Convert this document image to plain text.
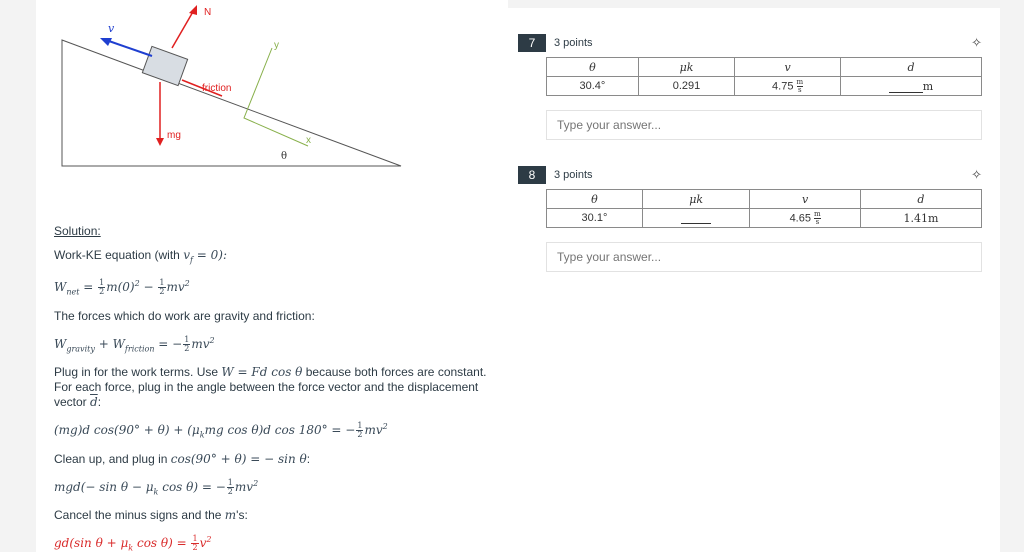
v
N
friction
mg
y
x
θ

Solution:

Work-KE equation (with $v_f = 0$):

$W_{net} = \frac{1}{2} m(0)^2 - \frac{1}{2} mv^2$

The forces which do work are gravity and friction:

$W_{gravity} + W_{friction}$ = − $\frac{1}{2} mv^2$

Plug in for the work terms. Use W = Fd cos θ because both forces are constant. For each force, plug in the angle between the force vector and the displacement vector $\overline{d}$:

(mg)d $\cos(90^\circ + \theta) + (\mu_kmg$ cos θ)d cos 180° = − $\frac{1}{2} mv^2$

Clean up, and plug in cos(90° + θ) = − sin θ:

$mgd(- \sin \theta - \mu_k$ cos θ) = − $\frac{1}{2} mv^2$

Cancel the minus signs and the m's:

gd(sin $\theta + \mu_k$ $\cos \theta) = \frac{1}{2} v^2$

7	3 points	✧
θ	μk	v	d
30.4°	0.291	$4.75 \frac{m}{s}$	m
Type your answer...
8	3 points	✧
θ	μk	v	d
30.1°		$4.65 \frac{m}{s}$	1.41m
Type your answer...
